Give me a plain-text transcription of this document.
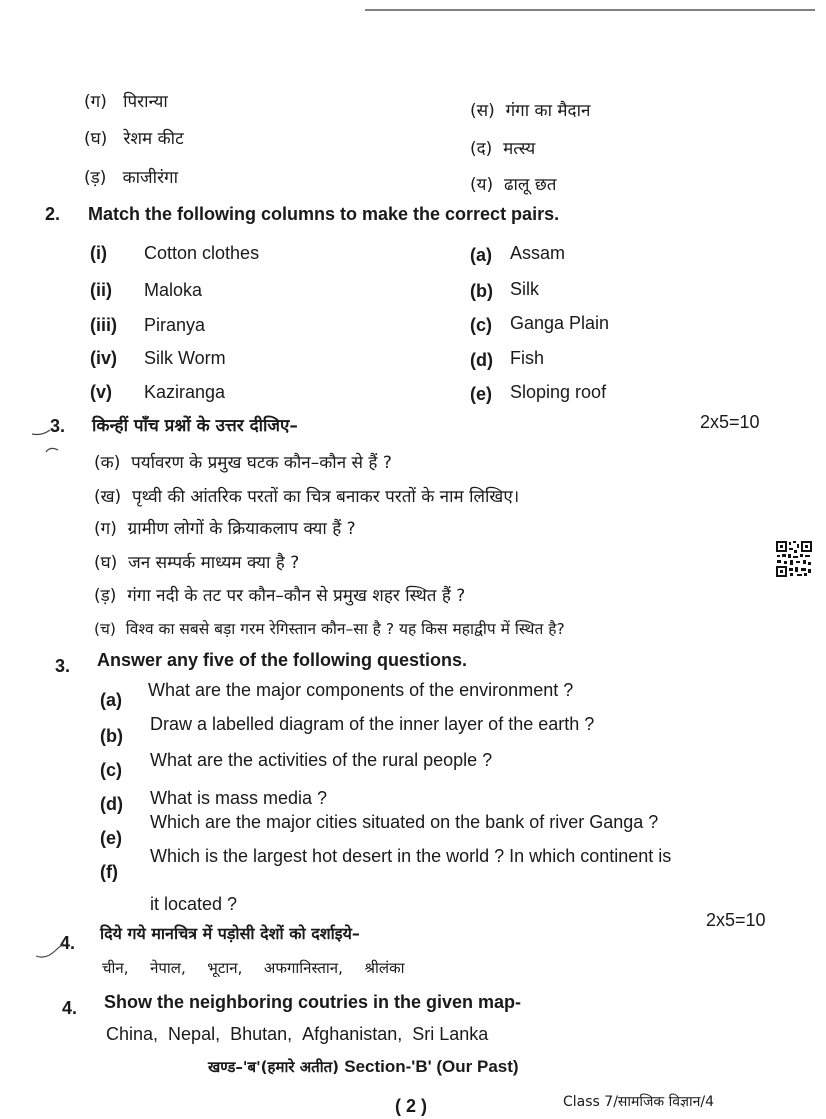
(ग) पिरान्या
(घ) रेशम कीट
(ड़) काजीरंगा
(स) गंगा का मैदान
(द) मत्स्य
(य) ढालू छत
2. Match the following columns to make the correct pairs.
(i) Cotton clothes
(ii) Maloka
(iii) Piranya
(iv) Silk Worm
(v) Kaziranga
(a) Assam
(b) Silk
(c) Ganga Plain
(d) Fish
(e) Sloping roof
3. किन्हीं पाँच प्रश्नों के उत्तर दीजिए–	2x5=10
(क) पर्यावरण के प्रमुख घटक कौन–कौन से हैं ?
(ख) पृथ्वी की आंतरिक परतों का चित्र बनाकर परतों के नाम लिखिए।
(ग) ग्रामीण लोगों के क्रियाकलाप क्या हैं ?
(घ) जन सम्पर्क माध्यम क्या है ?
(ड़) गंगा नदी के तट पर कौन–कौन से प्रमुख शहर स्थित हैं ?
(च) विश्व का सबसे बड़ा गरम रेगिस्तान कौन–सा है ? यह किस महाद्वीप में स्थित है?
3. Answer any five of the following questions.
(a) What are the major components of the environment ?
(b)
Draw a labelled diagram of the inner layer of the earth ?
(c) What are the activities of the rural people ?
(d) What is mass media ?
(e)
Which are the major cities situated on the bank of river Ganga ?
(f)
Which is the largest hot desert in the world ? In which continent is
it located ?
4. दिये गये मानचित्र में पड़ोसी देशों को दर्शाइये–
2x5=10
चीन, नेपाल, भूटान, अफगानिस्तान, श्रीलंका
4. Show the neighboring coutries in the given map-
China, Nepal, Bhutan, Afghanistan, Sri Lanka
खण्ड–'ब'(हमारे अतीत) Section-'B' (Our Past)
( 2 )	Class 7/सामजिक विज्ञान/4
